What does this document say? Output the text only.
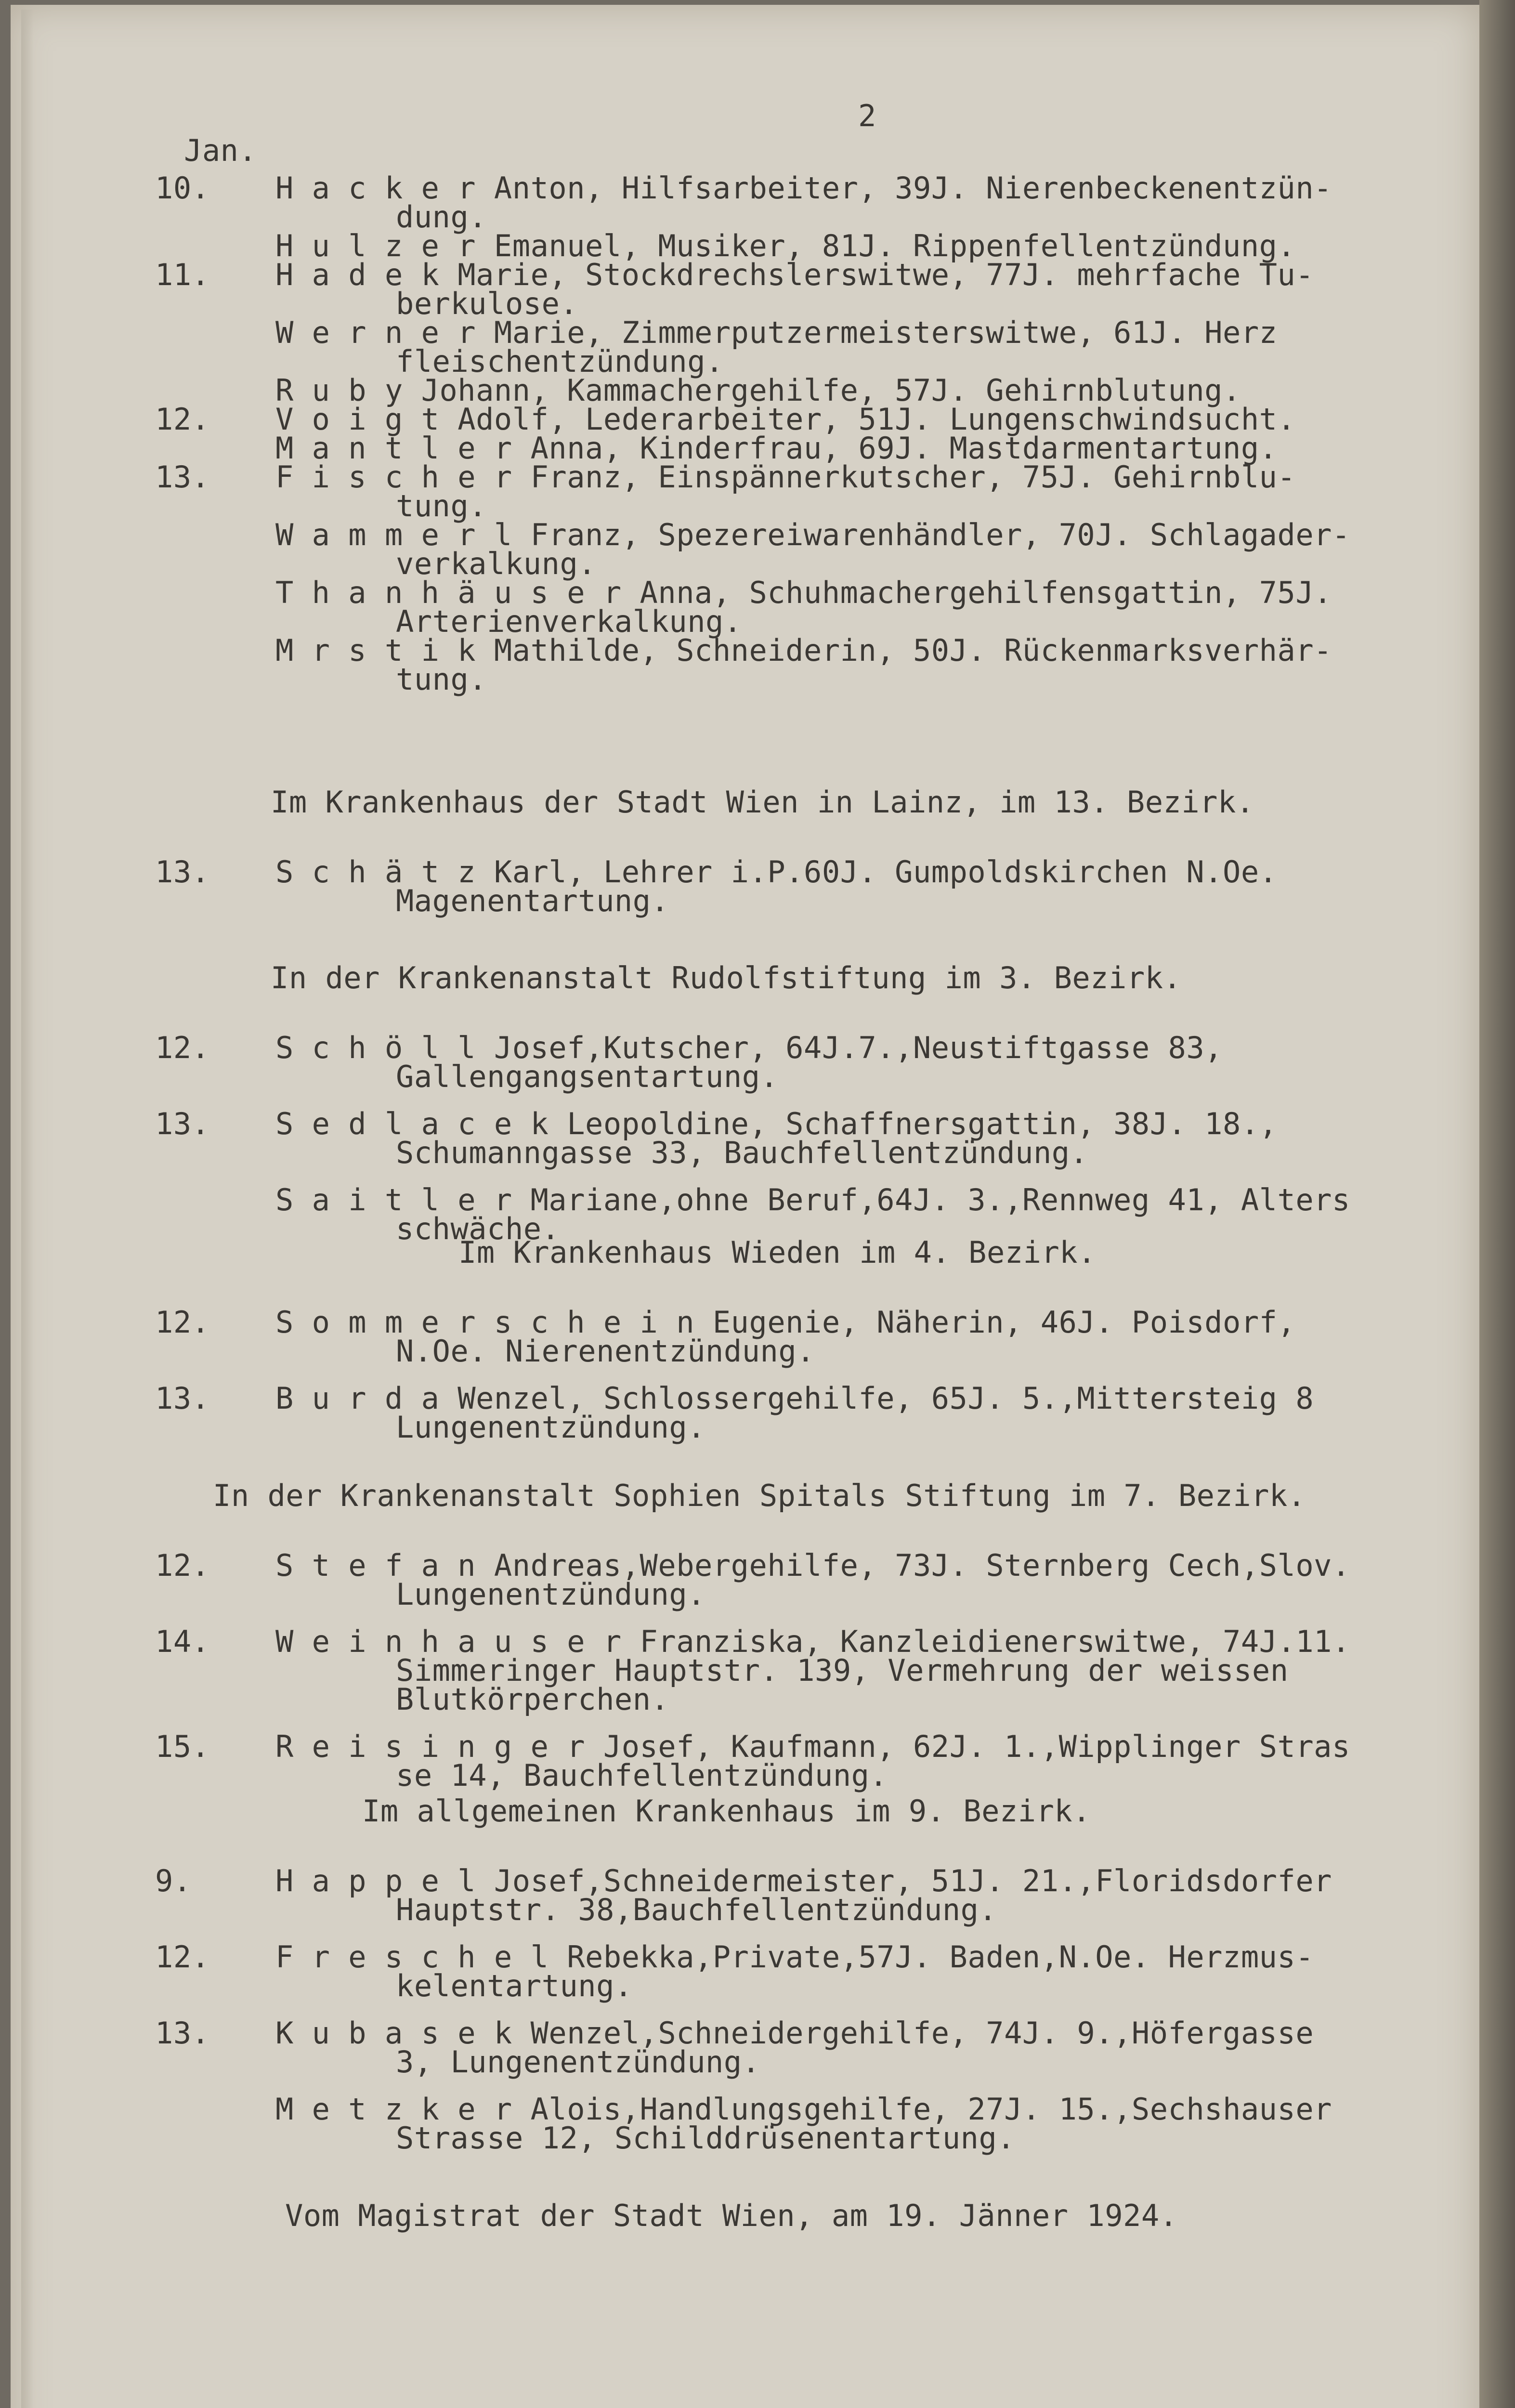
2
Jan.
10. H a c k e r Anton, Hilfsarbeiter, 39J. Nierenbeckenentzün-
dung.
H u l z e r Emanuel, Musiker, 81J. Rippenfellentzündung.
11. H a d e k Marie, Stockdrechslerswitwe, 77J. mehrfache Tu-
berkulose.
W e r n e r Marie, Zimmerputzermeisterswitwe, 61J. Herz
fleischentzündung.
R u b y Johann, Kammachergehilfe, 57J. Gehirnblutung.
12. V o i g t Adolf, Lederarbeiter, 51J. Lungenschwindsucht.
M a n t l e r Anna, Kinderfrau, 69J. Mastdarmentartung.
13. F i s c h e r Franz, Einspännerkutscher, 75J. Gehirnblu-
tung.
W a m m e r l Franz, Spezereiwarenhändler, 70J. Schlagader-
verkalkung.
T h a n h ä u s e r Anna, Schuhmachergehilfensgattin, 75J.
Arterienverkalkung.
M r s t i k Mathilde, Schneiderin, 50J. Rückenmarksverhär-
tung.
Im Krankenhaus der Stadt Wien in Lainz, im 13. Bezirk.
13. S c h ä t z Karl, Lehrer i.P.60J. Gumpoldskirchen N.Oe.
Magenentartung.
In der Krankenanstalt Rudolfstiftung im 3. Bezirk.
12. S c h ö l l Josef,Kutscher, 64J.7.,Neustiftgasse 83,
Gallengangsentartung.
13. S e d l a c e k Leopoldine, Schaffnersgattin, 38J. 18.,
Schumanngasse 33, Bauchfellentzündung.
S a i t l e r Mariane,ohne Beruf,64J. 3.,Rennweg 41, Alters
schwäche.
Im Krankenhaus Wieden im 4. Bezirk.
12. S o m m e r s c h e i n Eugenie, Näherin, 46J. Poisdorf,
N.Oe. Nierenentzündung.
13. B u r d a Wenzel, Schlossergehilfe, 65J. 5.,Mittersteig 8
Lungenentzündung.
In der Krankenanstalt Sophien Spitals Stiftung im 7. Bezirk.
12. S t e f a n Andreas,Webergehilfe, 73J. Sternberg Cech,Slov.
Lungenentzündung.
14. W e i n h a u s e r Franziska, Kanzleidienerswitwe, 74J.11.
Simmeringer Hauptstr. 139, Vermehrung der weissen
Blutkörperchen.
15. R e i s i n g e r Josef, Kaufmann, 62J. 1.,Wipplinger Stras
se 14, Bauchfellentzündung.
Im allgemeinen Krankenhaus im 9. Bezirk.
9.	H a p p e l Josef,Schneidermeister, 51J. 21.,Floridsdorfer
Hauptstr. 38,Bauchfellentzündung.
12. F r e s c h e l Rebekka,Private,57J. Baden,N.Oe. Herzmus-
kelentartung.
13. K u b a s e k Wenzel,Schneidergehilfe, 74J. 9.,Höfergasse
3, Lungenentzündung.
M e t z k e r Alois,Handlungsgehilfe, 27J. 15.,Sechshauser
Strasse 12, Schilddrüsenentartung.
Vom Magistrat der Stadt Wien, am 19. Jänner 1924.
